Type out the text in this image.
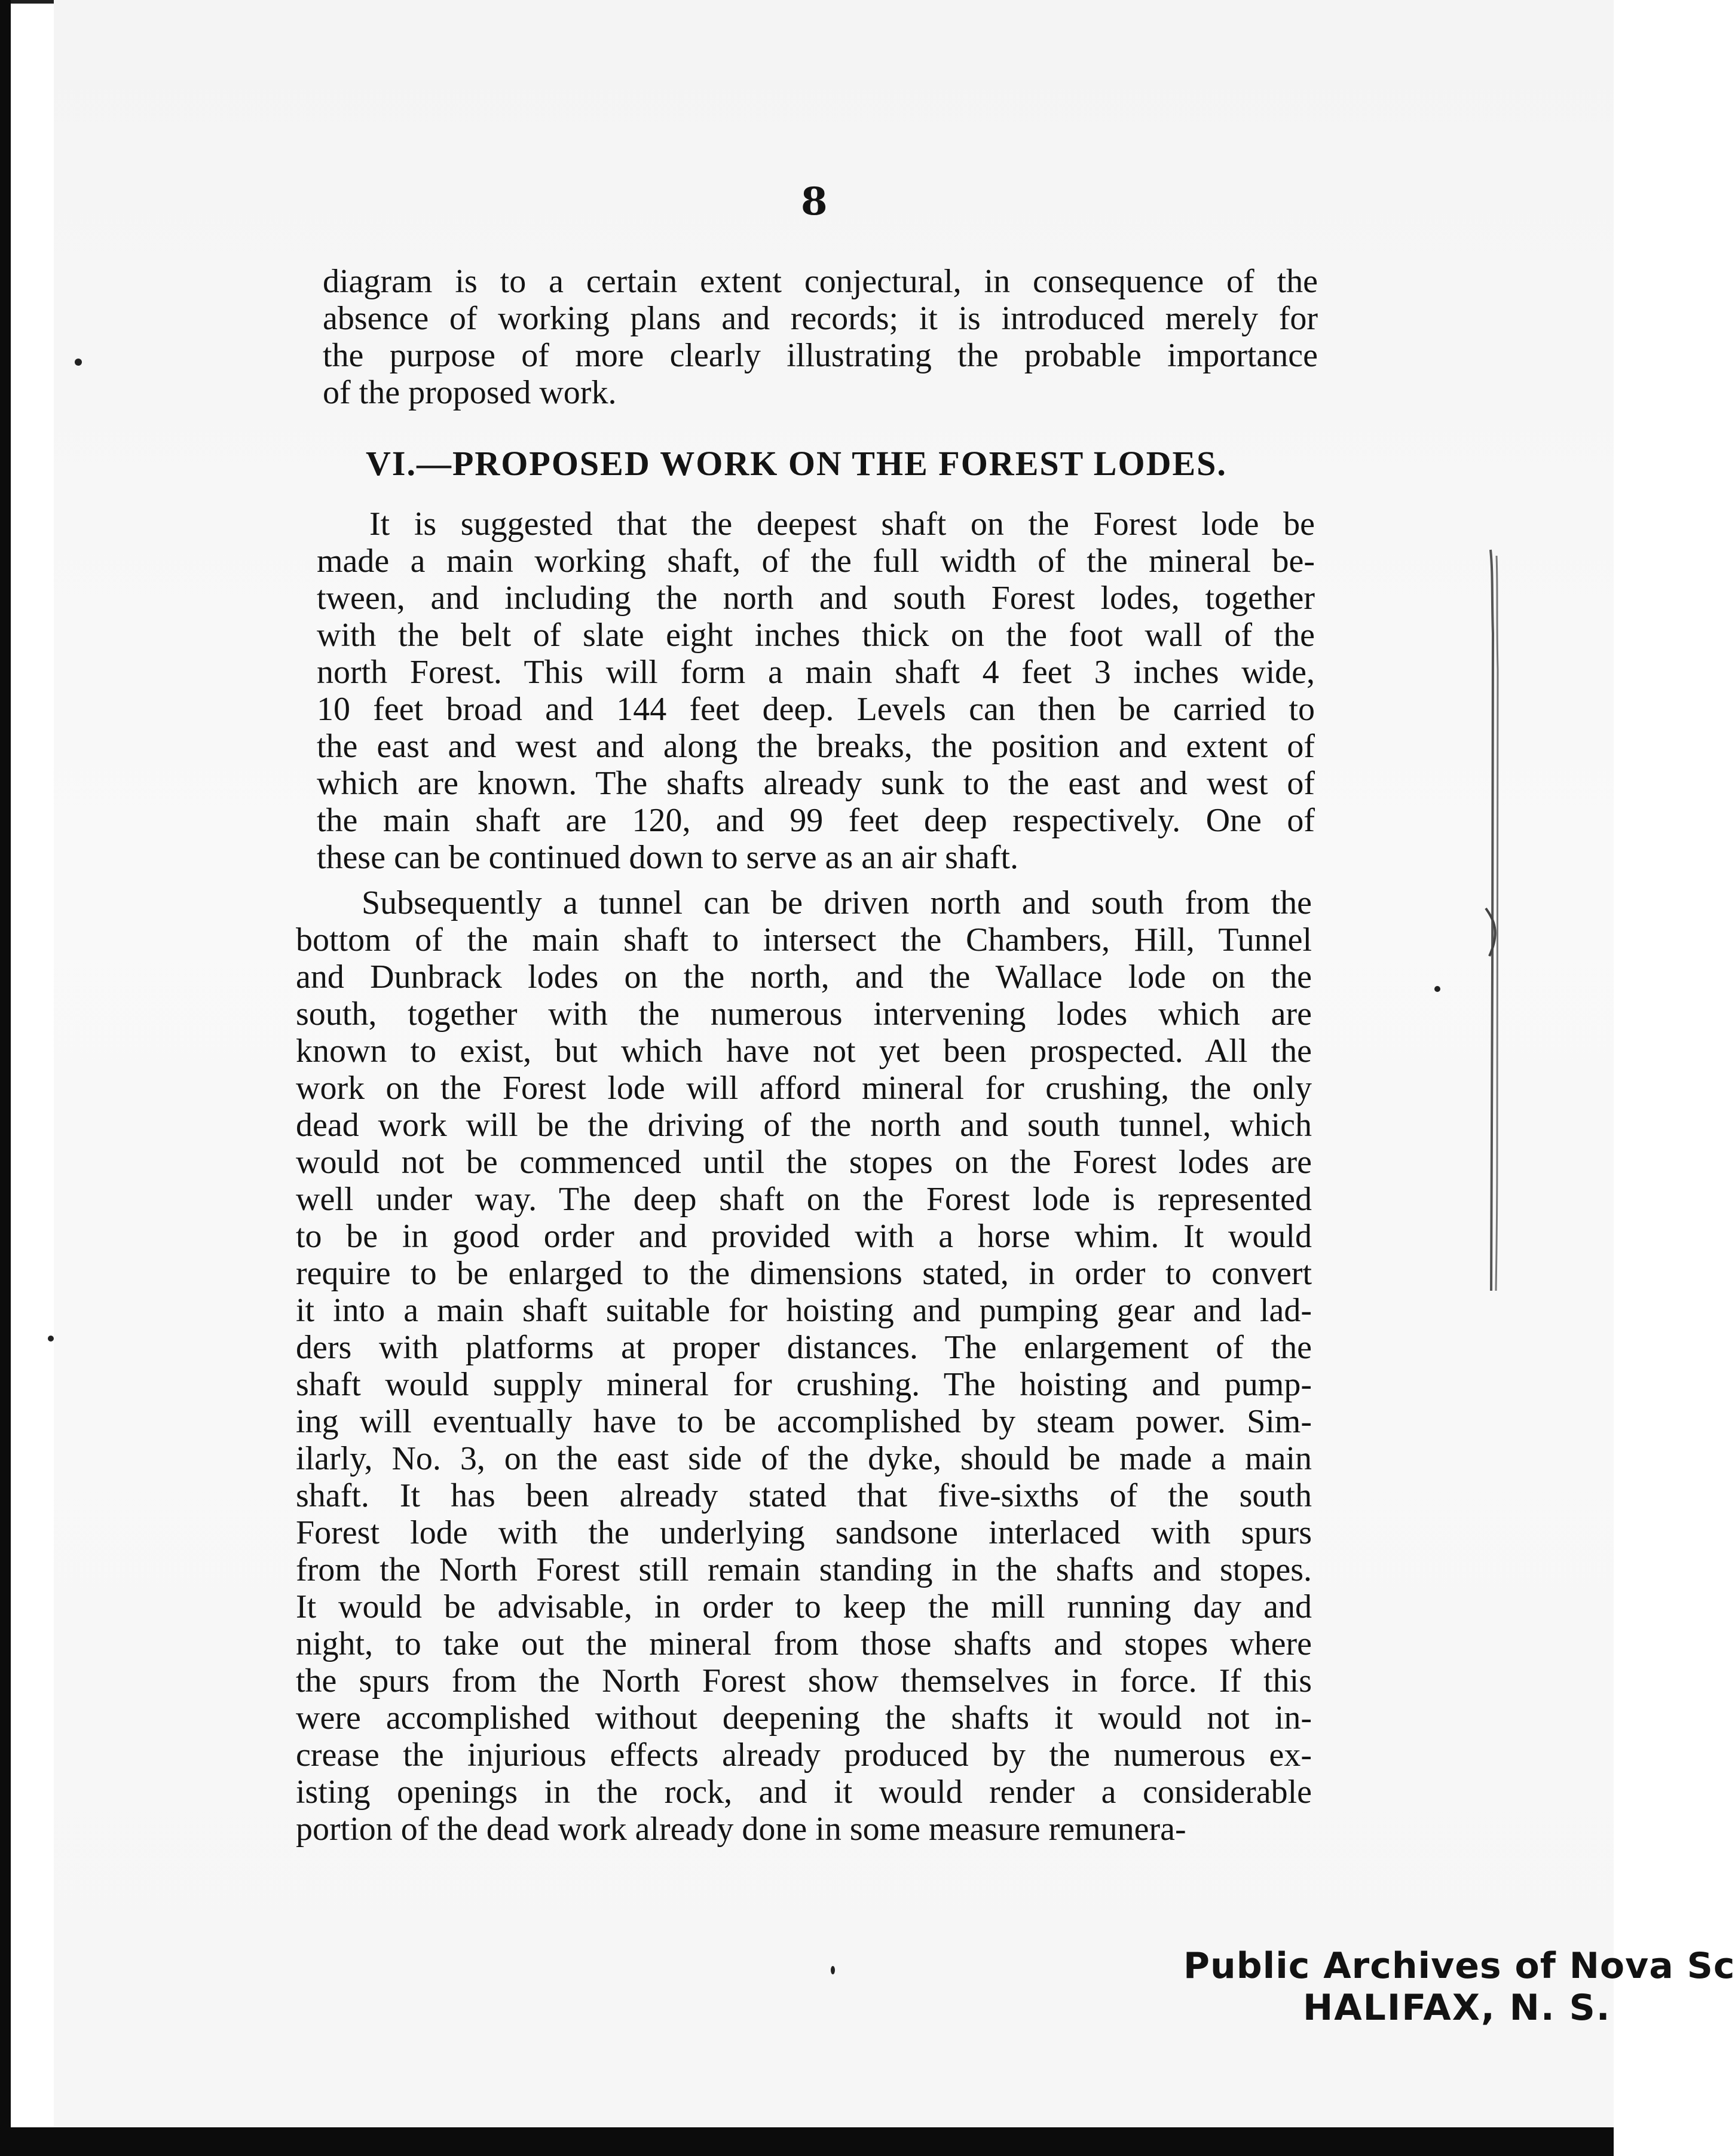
8
diagram is to a certain extent conjectural, in consequence of the
absence of working plans and records; it is introduced merely for
the purpose of more clearly illustrating the probable importance
of the proposed work.
VI.—PROPOSED WORK ON THE FOREST LODES.
It is suggested that the deepest shaft on the Forest lode be
made a main working shaft, of the full width of the mineral be-
tween, and including the north and south Forest lodes, together
with the belt of slate eight inches thick on the foot wall of the
north Forest. This will form a main shaft 4 feet 3 inches wide,
10 feet broad and 144 feet deep. Levels can then be carried to
the east and west and along the breaks, the position and extent of
which are known. The shafts already sunk to the east and west of
the main shaft are 120, and 99 feet deep respectively. One of
these can be continued down to serve as an air shaft.
Subsequently a tunnel can be driven north and south from the
bottom of the main shaft to intersect the Chambers, Hill, Tunnel
and Dunbrack lodes on the north, and the Wallace lode on the
south, together with the numerous intervening lodes which are
known to exist, but which have not yet been prospected. All the
work on the Forest lode will afford mineral for crushing, the only
dead work will be the driving of the north and south tunnel, which
would not be commenced until the stopes on the Forest lodes are
well under way. The deep shaft on the Forest lode is represented
to be in good order and provided with a horse whim. It would
require to be enlarged to the dimensions stated, in order to convert
it into a main shaft suitable for hoisting and pumping gear and lad-
ders with platforms at proper distances. The enlargement of the
shaft would supply mineral for crushing. The hoisting and pump-
ing will eventually have to be accomplished by steam power. Sim-
ilarly, No. 3, on the east side of the dyke, should be made a main
shaft. It has been already stated that five-sixths of the south
Forest lode with the underlying sandsone interlaced with spurs
from the North Forest still remain standing in the shafts and stopes.
It would be advisable, in order to keep the mill running day and
night, to take out the mineral from those shafts and stopes where
the spurs from the North Forest show themselves in force. If this
were accomplished without deepening the shafts it would not in-
crease the injurious effects already produced by the numerous ex-
isting openings in the rock, and it would render a considerable
portion of the dead work already done in some measure remunera-
Public Archives of Nova Sc
HALIFAX, N. S.
